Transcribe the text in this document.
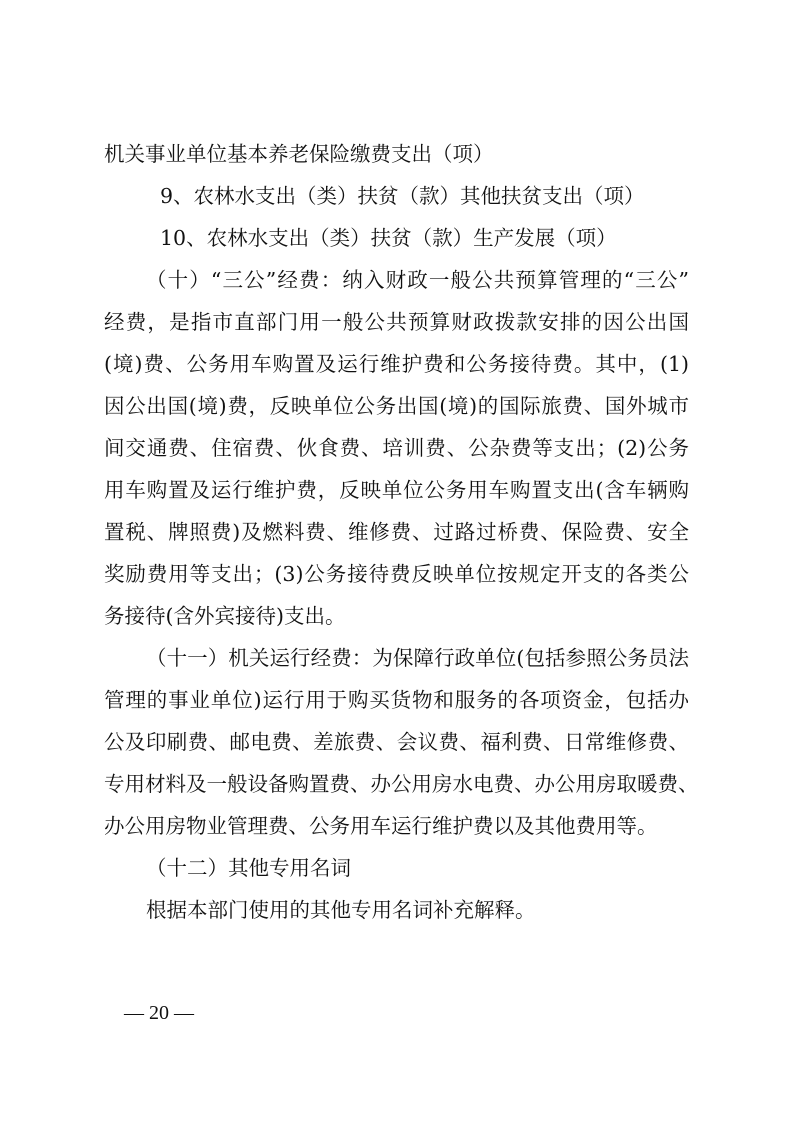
机关事业单位基本养老保险缴费支出（项）
9、农林水支出（类）扶贫（款）其他扶贫支出（项）
10、农林水支出（类）扶贫（款）生产发展（项）
（十）“三公”经费：纳入财政一般公共预算管理的“三公”
经费，是指市直部门用一般公共预算财政拨款安排的因公出国
(境)费、公务用车购置及运行维护费和公务接待费。其中，(1)
因公出国(境)费，反映单位公务出国(境)的国际旅费、国外城市
间交通费、住宿费、伙食费、培训费、公杂费等支出；(2)公务
用车购置及运行维护费，反映单位公务用车购置支出(含车辆购
置税、牌照费)及燃料费、维修费、过路过桥费、保险费、安全
奖励费用等支出；(3)公务接待费反映单位按规定开支的各类公
务接待(含外宾接待)支出。
（十一）机关运行经费：为保障行政单位(包括参照公务员法
管理的事业单位)运行用于购买货物和服务的各项资金，包括办
公及印刷费、邮电费、差旅费、会议费、福利费、日常维修费、
专用材料及一般设备购置费、办公用房水电费、办公用房取暖费、
办公用房物业管理费、公务用车运行维护费以及其他费用等。
（十二）其他专用名词
根据本部门使用的其他专用名词补充解释。
— 20 —
